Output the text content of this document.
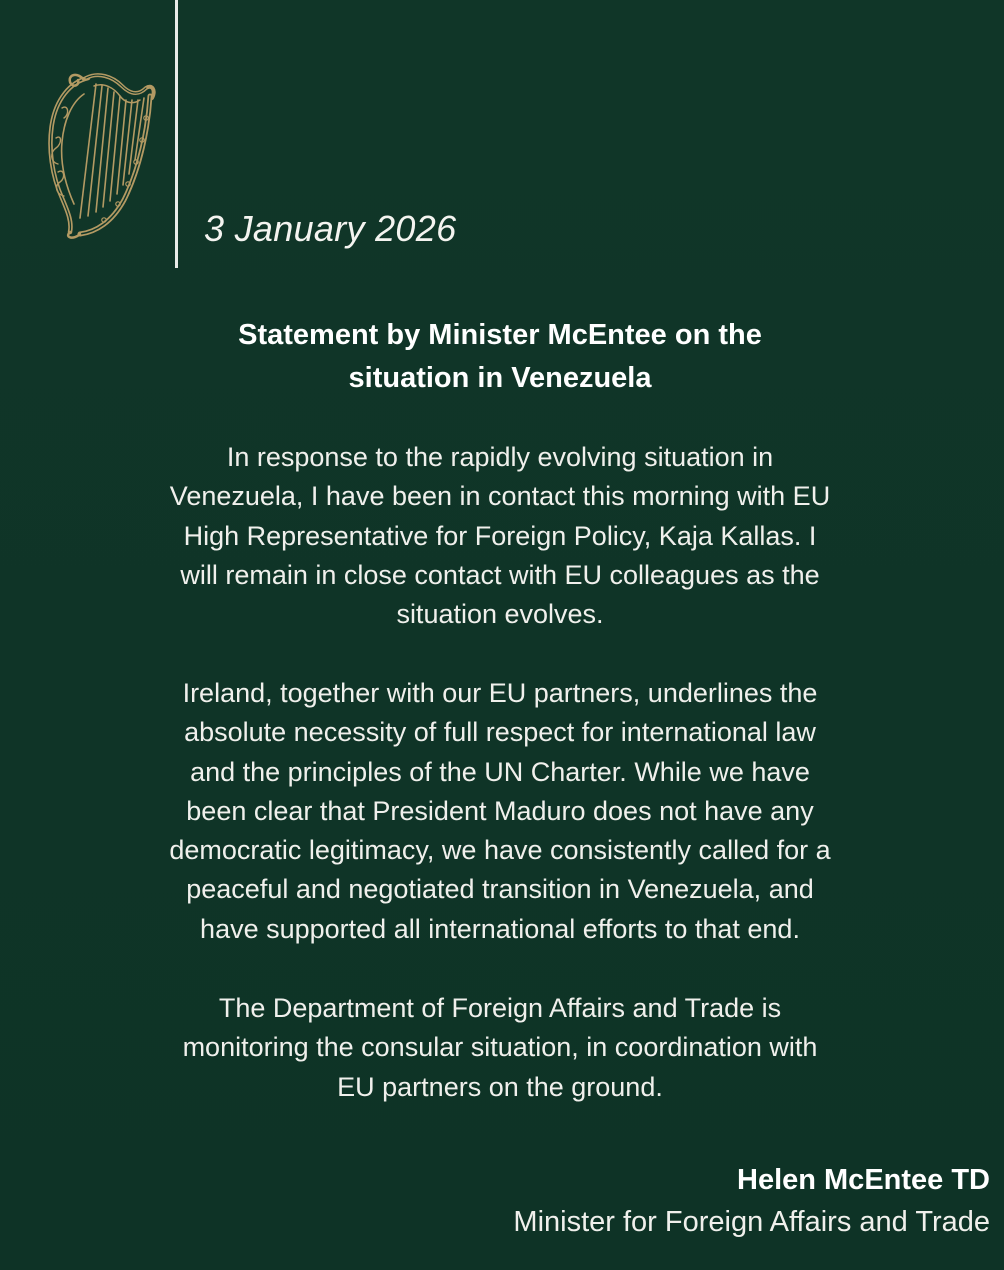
3 January 2026
Statement by Minister McEntee on the
situation in Venezuela
In response to the rapidly evolving situation in
Venezuela, I have been in contact this morning with EU
High Representative for Foreign Policy, Kaja Kallas. I
will remain in close contact with EU colleagues as the
situation evolves.
Ireland, together with our EU partners, underlines the
absolute necessity of full respect for international law
and the principles of the UN Charter. While we have
been clear that President Maduro does not have any
democratic legitimacy, we have consistently called for a
peaceful and negotiated transition in Venezuela, and
have supported all international efforts to that end.
The Department of Foreign Affairs and Trade is
monitoring the consular situation, in coordination with
EU partners on the ground.
Helen McEntee TD
Minister for Foreign Affairs and Trade
